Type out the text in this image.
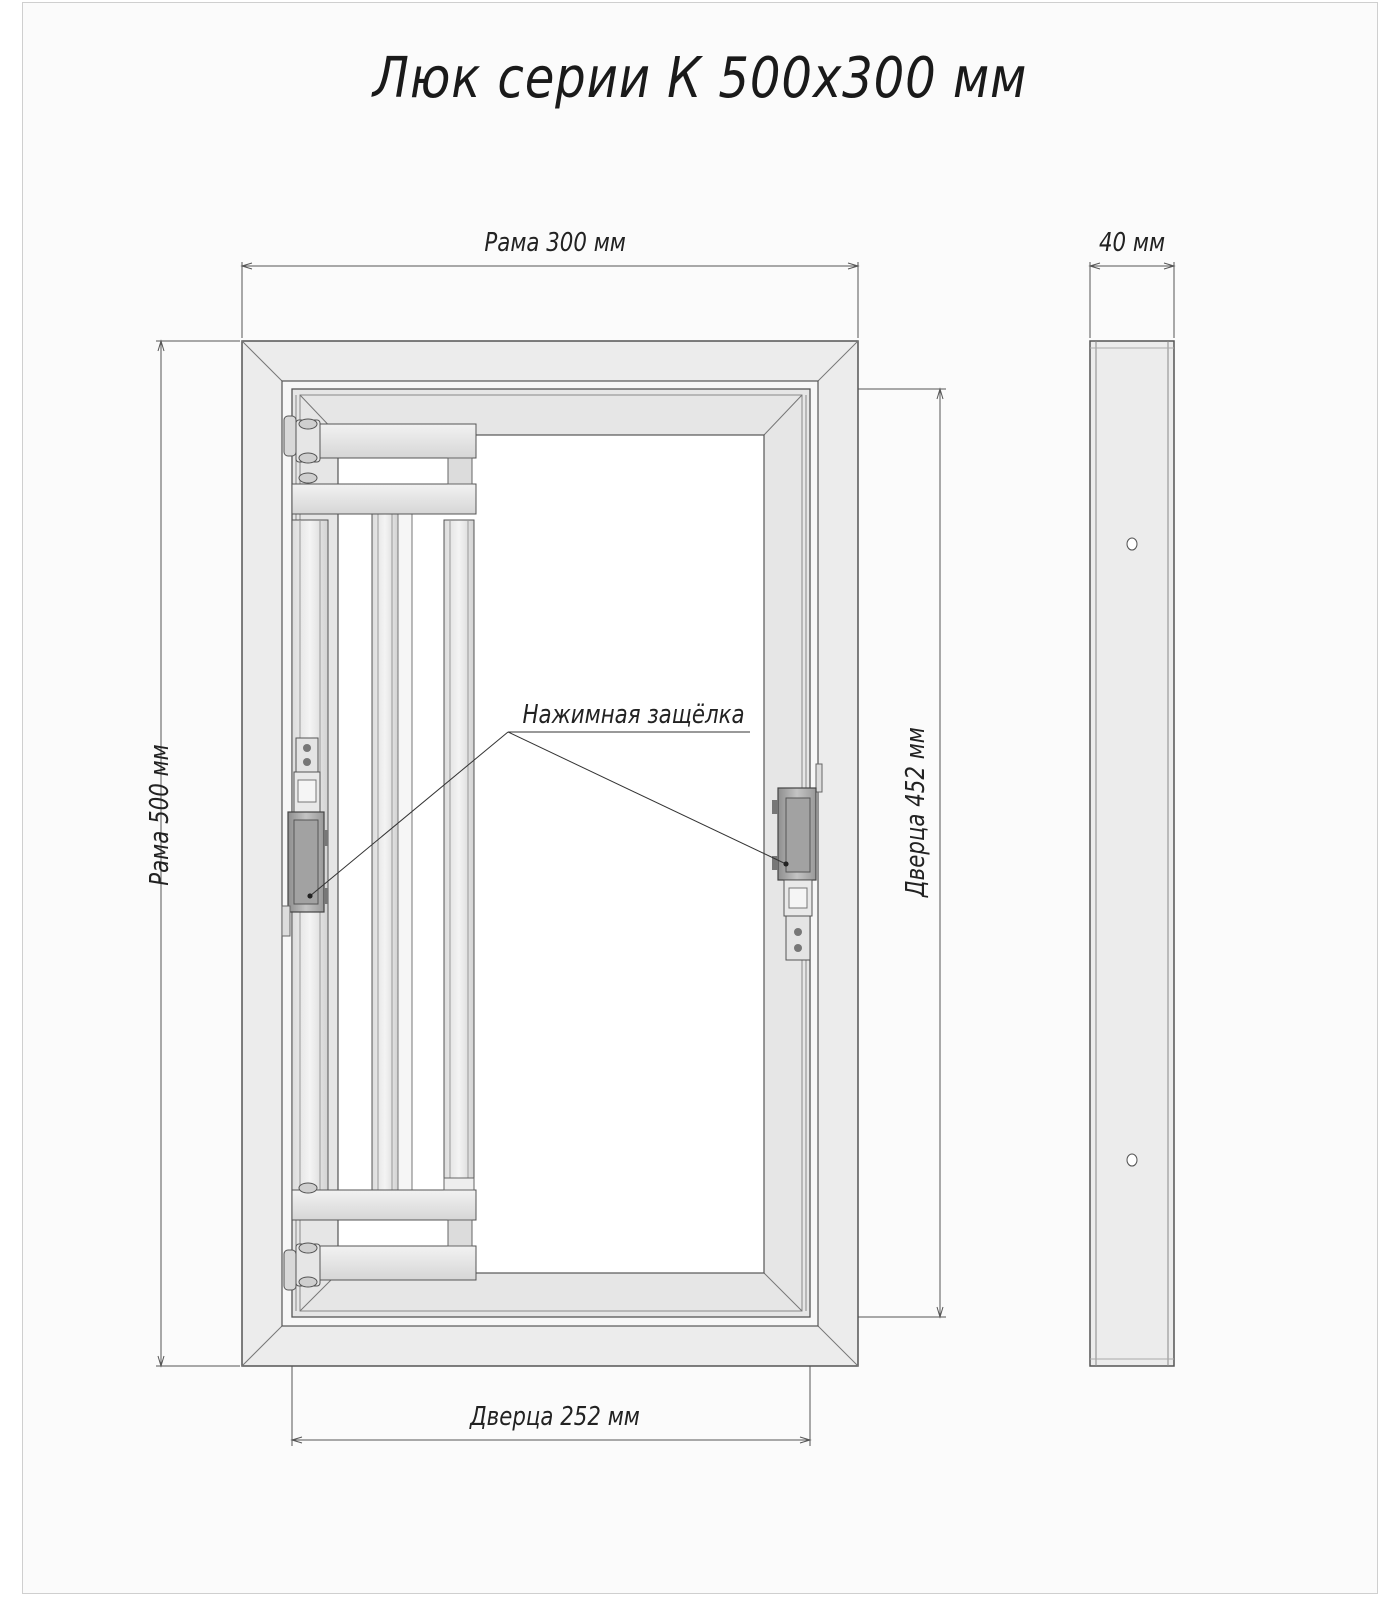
Люк серии К 500х300 мм
Рама 300 мм	40 мм
Дверца 252 мм
Рама 500 мм	Дверца 452 мм
Нажимная защёлка
